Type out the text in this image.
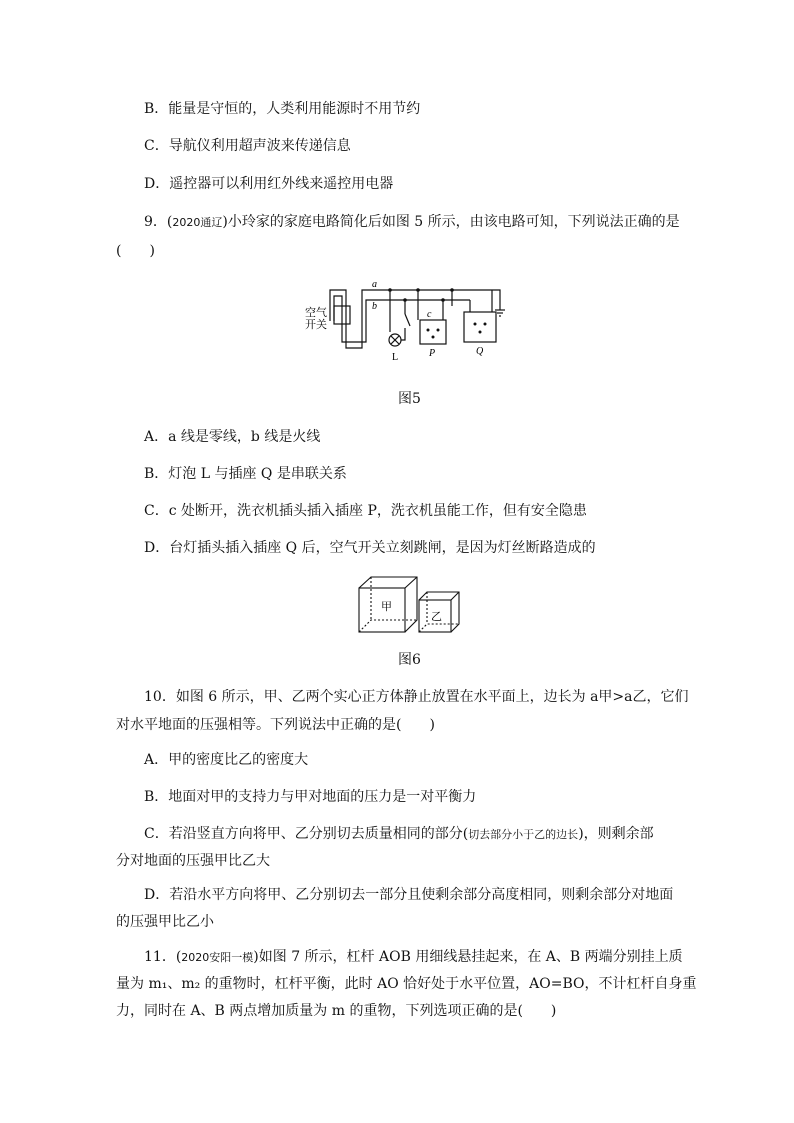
B．能量是守恒的，人类利用能源时不用节约
C．导航仪利用超声波来传递信息
D．遥控器可以利用红外线来遥控用电器
9．(2020通辽)小玲家的家庭电路简化后如图 5 所示，由该电路可知，下列说法正确的是
(　　)
空气
开关
a
b
c
L	P	Q
图5
A．a 线是零线，b 线是火线
B．灯泡 L 与插座 Q 是串联关系
C．c 处断开，洗衣机插头插入插座 P，洗衣机虽能工作，但有安全隐患
D．台灯插头插入插座 Q 后，空气开关立刻跳闸，是因为灯丝断路造成的
甲
乙
图6
10．如图 6 所示，甲、乙两个实心正方体静止放置在水平面上，边长为 a甲>a乙，它们
对水平地面的压强相等。下列说法中正确的是(　　)
A．甲的密度比乙的密度大
B．地面对甲的支持力与甲对地面的压力是一对平衡力
C．若沿竖直方向将甲、乙分别切去质量相同的部分(切去部分小于乙的边长)，则剩余部
分对地面的压强甲比乙大
D．若沿水平方向将甲、乙分别切去一部分且使剩余部分高度相同，则剩余部分对地面
的压强甲比乙小
11．(2020安阳一模)如图 7 所示，杠杆 AOB 用细线悬挂起来，在 A、B 两端分别挂上质
量为 m₁、m₂ 的重物时，杠杆平衡，此时 AO 恰好处于水平位置，AO=BO，不计杠杆自身重
力，同时在 A、B 两点增加质量为 m 的重物，下列选项正确的是(　　)
